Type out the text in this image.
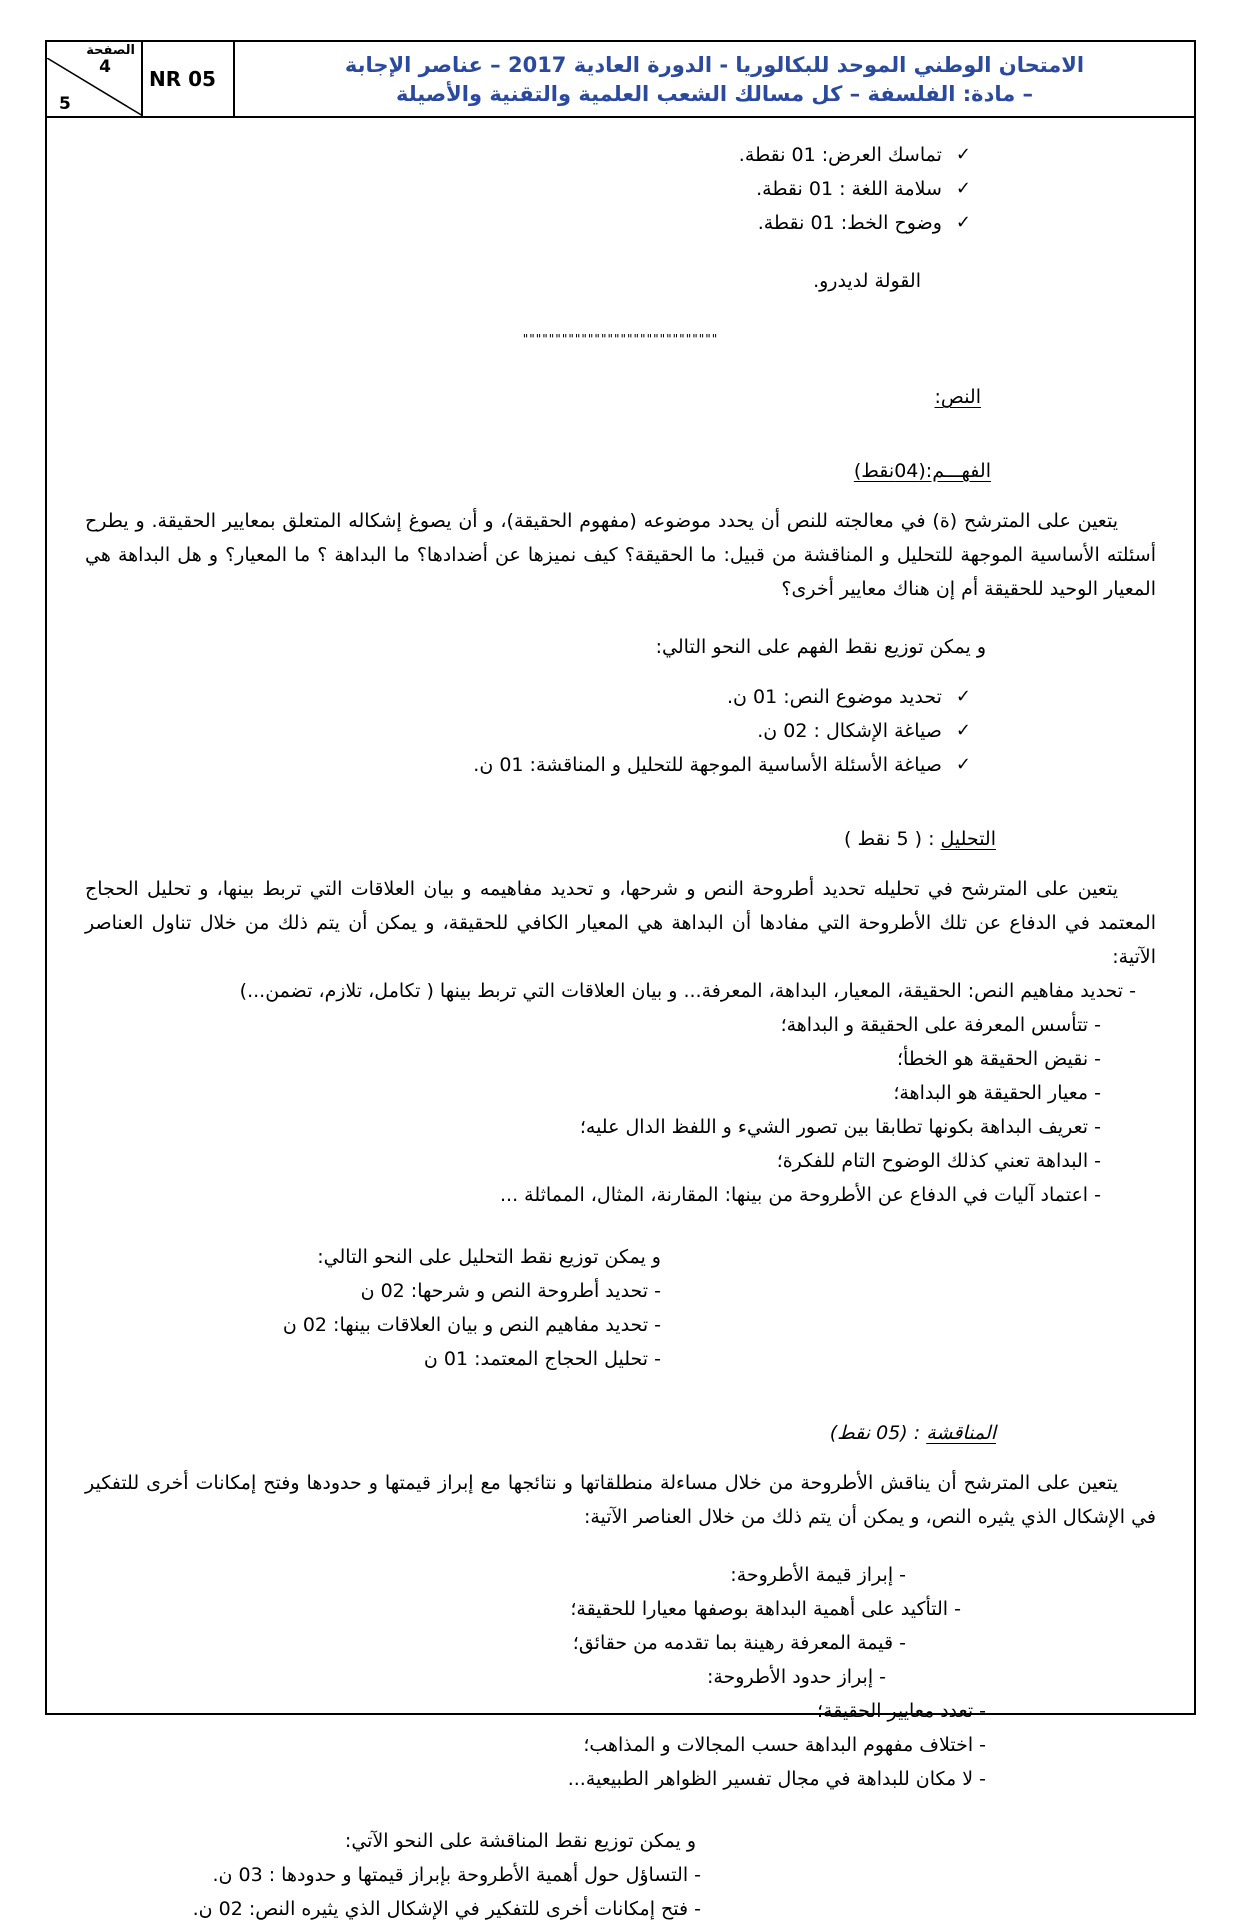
الصفحة
4
5
NR 05
الامتحان الوطني الموحد للبكالوريا - الدورة العادية 2017 – عناصر الإجابة
– مادة: الفلسفة – كل مسالك الشعب العلمية والتقنية والأصيلة
✓
تماسك العرض: 01 نقطة.
✓
سلامة اللغة : 01 نقطة.
✓
وضوح الخط: 01 نقطة.

القولة لديدرو.

""""""""""""""""""""""""""""""

النص:

الفهـــم:(04نقط)

يتعين على المترشح (ة) في معالجته للنص أن يحدد موضوعه (مفهوم الحقيقة)، و أن يصوغ إشكاله المتعلق بمعايير الحقيقة. و يطرح أسئلته الأساسية الموجهة للتحليل و المناقشة من قبيل: ما الحقيقة؟ كيف نميزها عن أضدادها؟ ما البداهة ؟ ما المعيار؟ و هل البداهة هي المعيار الوحيد للحقيقة أم إن هناك معايير أخرى؟

و يمكن توزيع نقط الفهم على النحو التالي:

✓
تحديد موضوع النص: 01 ن.
✓
صياغة الإشكال : 02 ن.
✓
صياغة الأسئلة الأساسية الموجهة للتحليل و المناقشة: 01 ن.

التحليل : ( 5 نقط )

يتعين على المترشح في تحليله تحديد أطروحة النص و شرحها، و تحديد مفاهيمه و بيان العلاقات التي تربط بينها، و تحليل الحجاج المعتمد في الدفاع عن تلك الأطروحة التي مفادها أن البداهة هي المعيار الكافي للحقيقة، و يمكن أن يتم ذلك من خلال تناول العناصر الآتية:

- تحديد مفاهيم النص: الحقيقة، المعيار، البداهة، المعرفة... و بيان العلاقات التي تربط بينها ( تكامل، تلازم، تضمن...)

- تتأسس المعرفة على الحقيقة و البداهة؛

- نقيض الحقيقة هو الخطأ؛

- معيار الحقيقة هو البداهة؛

- تعريف البداهة بكونها تطابقا بين تصور الشيء و اللفظ الدال عليه؛

- البداهة تعني كذلك الوضوح التام للفكرة؛

- اعتماد آليات في الدفاع عن الأطروحة من بينها: المقارنة، المثال، المماثلة ...

و يمكن توزيع نقط التحليل على النحو التالي:

- تحديد أطروحة النص و شرحها: 02 ن

- تحديد مفاهيم النص و بيان العلاقات بينها: 02 ن

- تحليل الحجاج المعتمد: 01 ن

المناقشة : (05 نقط)

يتعين على المترشح أن يناقش الأطروحة من خلال مساءلة منطلقاتها و نتائجها مع إبراز قيمتها و حدودها وفتح إمكانات أخرى للتفكير في الإشكال الذي يثيره النص، و يمكن أن يتم ذلك من خلال العناصر الآتية:

- إبراز قيمة الأطروحة:

- التأكيد على أهمية البداهة بوصفها معيارا للحقيقة؛

- قيمة المعرفة رهينة بما تقدمه من حقائق؛

- إبراز حدود الأطروحة:

- تعدد معايير الحقيقة؛

- اختلاف مفهوم البداهة حسب المجالات و المذاهب؛

- لا مكان للبداهة في مجال تفسير الظواهر الطبيعية...

و يمكن توزيع نقط المناقشة على النحو الآتي:

- التساؤل حول أهمية الأطروحة بإبراز قيمتها و حدودها : 03 ن.

- فتح إمكانات أخرى للتفكير في الإشكال الذي يثيره النص: 02 ن.
